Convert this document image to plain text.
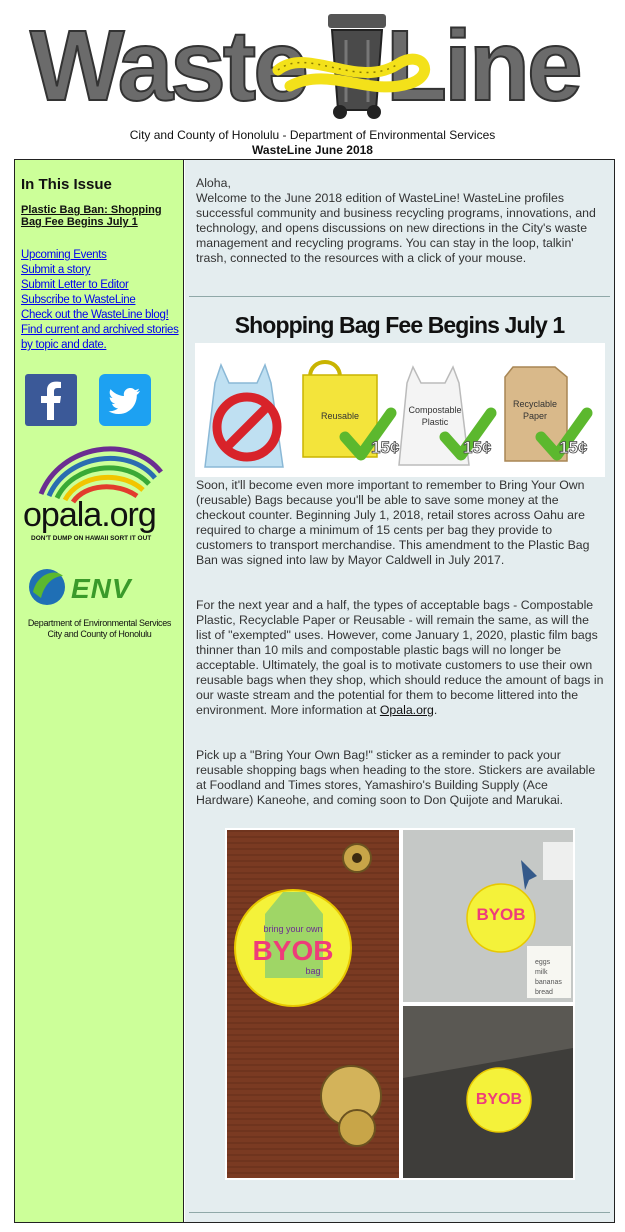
Waste Line
City and County of Honolulu - Department of Environmental Services
WasteLine June 2018
In This Issue
Plastic Bag Ban: Shopping Bag Fee Begins July 1
Upcoming Events
Submit a story
Submit Letter to Editor
Subscribe to WasteLine
Check out the WasteLine blog!
Find current and archived stories by topic and date.
opala.org
DON'T DUMP ON HAWAII SORT IT OUT
ENV
Department of Environmental Services
City and County of Honolulu
Aloha,
Welcome to the June 2018 edition of WasteLine! WasteLine profiles successful community and business recycling programs, innovations, and technology, and opens discussions on new directions in the City's waste management and recycling programs. You can stay in the loop, talkin' trash, connected to the resources with a click of your mouse.
Shopping Bag Fee Begins July 1
Reusable
Compostable
Plastic
Recyclable
Paper
15¢	15¢	15¢
Soon, it'll become even more important to remember to Bring Your Own (reusable) Bags because you'll be able to save some money at the checkout counter. Beginning July 1, 2018, retail stores across Oahu are required to charge a minimum of 15 cents per bag they provide to customers to transport merchandise. This amendment to the Plastic Bag Ban was signed into law by Mayor Caldwell in July 2017.
For the next year and a half, the types of acceptable bags - Compostable Plastic, Recyclable Paper or Reusable - will remain the same, as will the list of "exempted" uses. However, come January 1, 2020, plastic film bags thinner than 10 mils and compostable plastic bags will no longer be acceptable. Ultimately, the goal is to motivate customers to use their own reusable bags when they shop, which should reduce the amount of bags in our waste stream and the potential for them to become littered into the environment. More information at Opala.org.
Pick up a "Bring Your Own Bag!" sticker as a reminder to pack your reusable shopping bags when heading to the store. Stickers are available at Foodland and Times stores, Yamashiro's Building Supply (Ace Hardware) Kaneohe, and coming soon to Don Quijote and Marukai.
bring your own
BYOB
bag
eggs
milk
bananas
bread
BYOB
BYOB
